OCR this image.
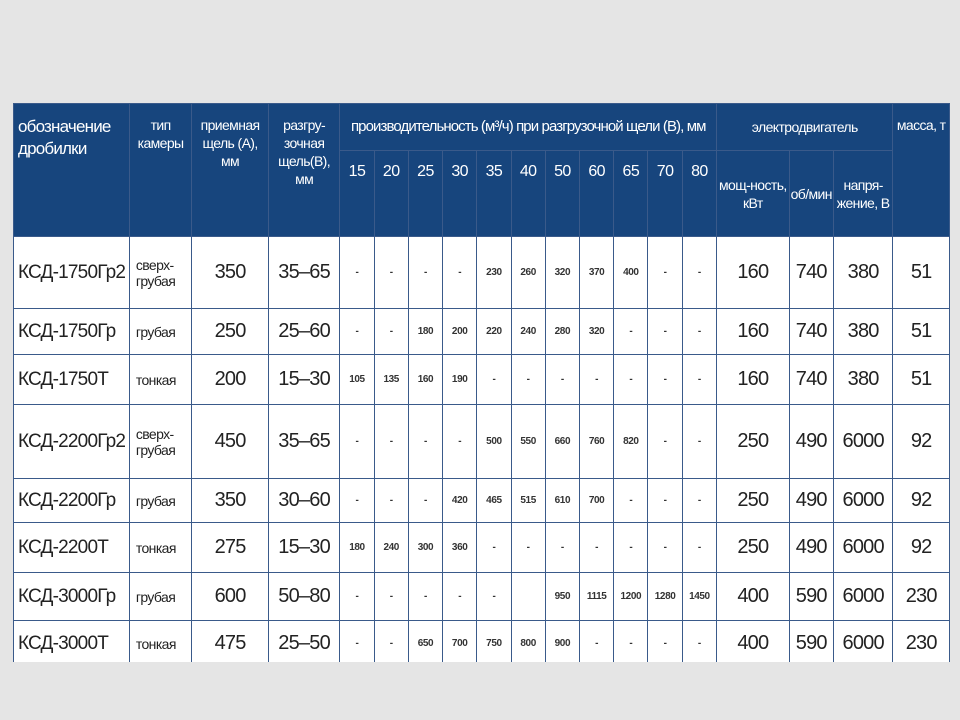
обозначение дробилки	тип камеры	приемная щель (А), мм	разгру-зочная щель(В), мм	производительность (м³/ч) при разгрузочной щели (В), мм											электродвигатель			масса, т
				15	20	25	30	35	40	50	60	65	70	80	мощ-ность, кВт	об/мин	напря-жение, В	
КСД-1750Гр2	сверх-грубая	350	35–65	-	-	-	-	230	260	320	370	400	-	-	160	740	380	51
КСД-1750Гр	грубая	250	25–60	-	-	180	200	220	240	280	320	-	-	-	160	740	380	51
КСД-1750Т	тонкая	200	15–30	105	135	160	190	-	-	-	-	-	-	-	160	740	380	51
КСД-2200Гр2	сверх-грубая	450	35–65	-	-	-	-	500	550	660	760	820	-	-	250	490	6000	92
КСД-2200Гр	грубая	350	30–60	-	-	-	420	465	515	610	700	-	-	-	250	490	6000	92
КСД-2200Т	тонкая	275	15–30	180	240	300	360	-	-	-	-	-	-	-	250	490	6000	92
КСД-3000Гр	грубая	600	50–80	-	-	-	-	-		950	1115	1200	1280	1450	400	590	6000	230
КСД-3000Т	тонкая	475	25–50	-	-	650	700	750	800	900	-	-	-	-	400	590	6000	230
